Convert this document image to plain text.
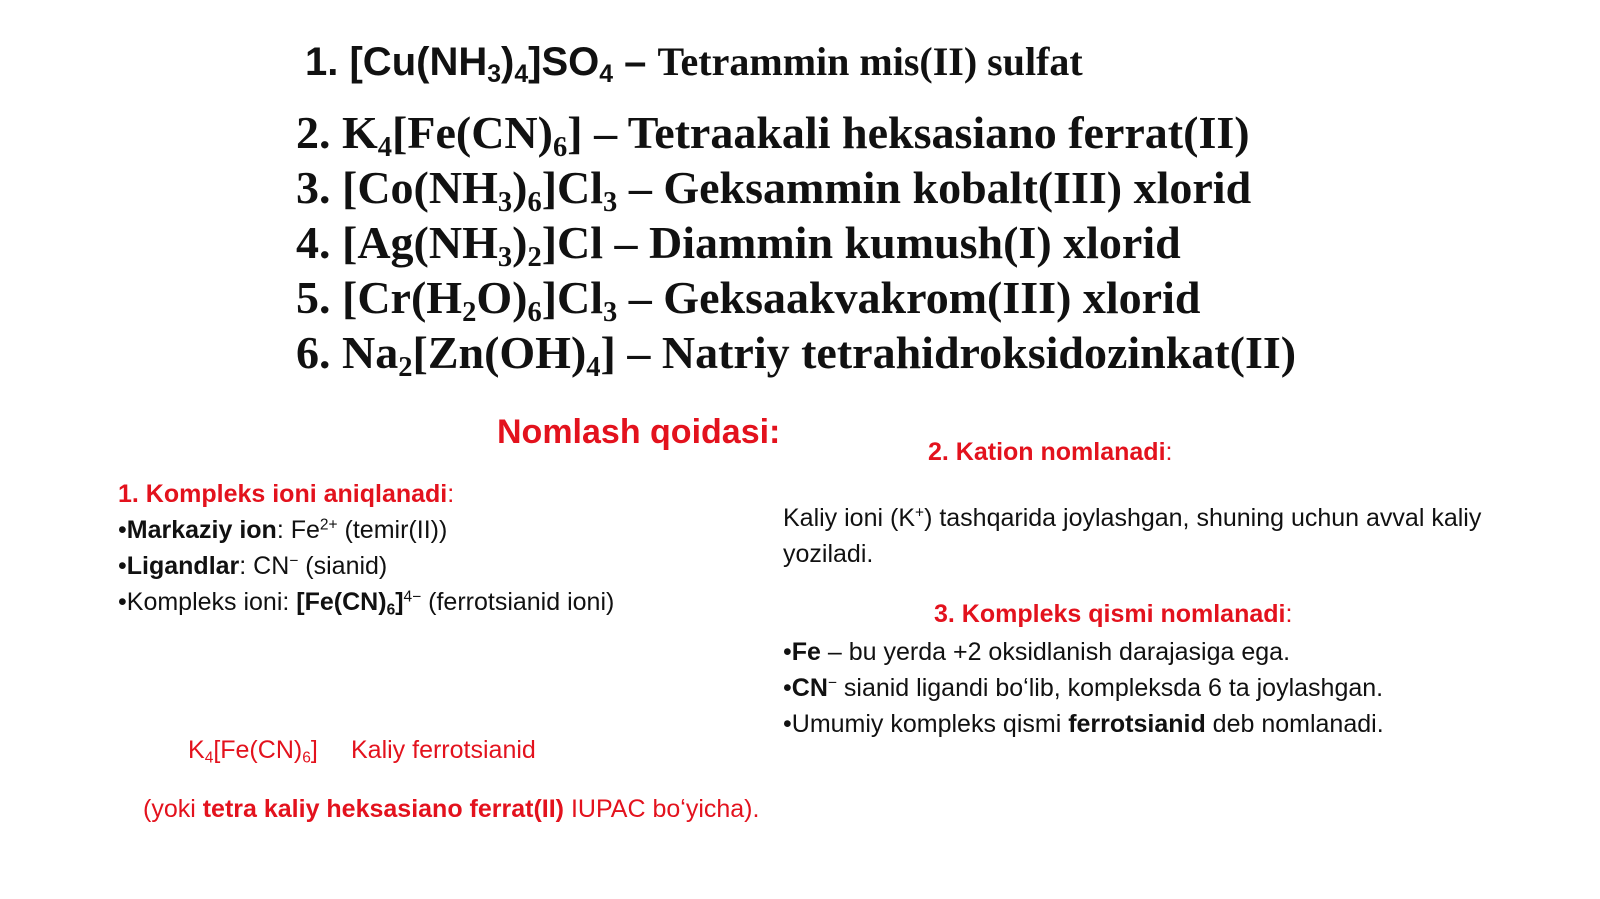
1. $[Cu(NH_3)_4]SO_4$ – Tetrammin mis(II) sulfat
2. $K_4[Fe(CN)_6]$ – Tetraakali heksasiano ferrat(II)
3. $[Co(NH_3)_6]Cl_3$ – Geksammin kobalt(III) xlorid
4. $[Ag(NH_3)_2]Cl$ – Diammin kumush(I) xlorid
5. $[Cr(H_2O)_6]Cl_3$ – Geksaakvakrom(III) xlorid
6. $Na_2[Zn(OH)_4]$ – Natriy tetrahidroksidozinkat(II)
Nomlash qoidasi:
2. Kation nomlanadi:
1. Kompleks ioni aniqlanadi:
•Markaziy ion: $Fe^{2+}$ (temir(II))
•Ligandlar: CN− (sianid)
•Kompleks ioni: $[Fe(CN)_6]^{4-}$ (ferrotsianid ioni)
Kaliy ioni (K+) tashqarida joylashgan, shuning uchun avval kaliy yoziladi.
3. Kompleks qismi nomlanadi:
•Fe – bu yerda +2 oksidlanish darajasiga ega.
•CN− sianid ligandi boʻlib, kompleksda 6 ta joylashgan.
•Umumiy kompleks qismi ferrotsianid deb nomlanadi.
$K_4[Fe(CN)_6]$ Kaliy ferrotsianid
(yoki tetra kaliy heksasiano ferrat(II) IUPAC boʻyicha).
